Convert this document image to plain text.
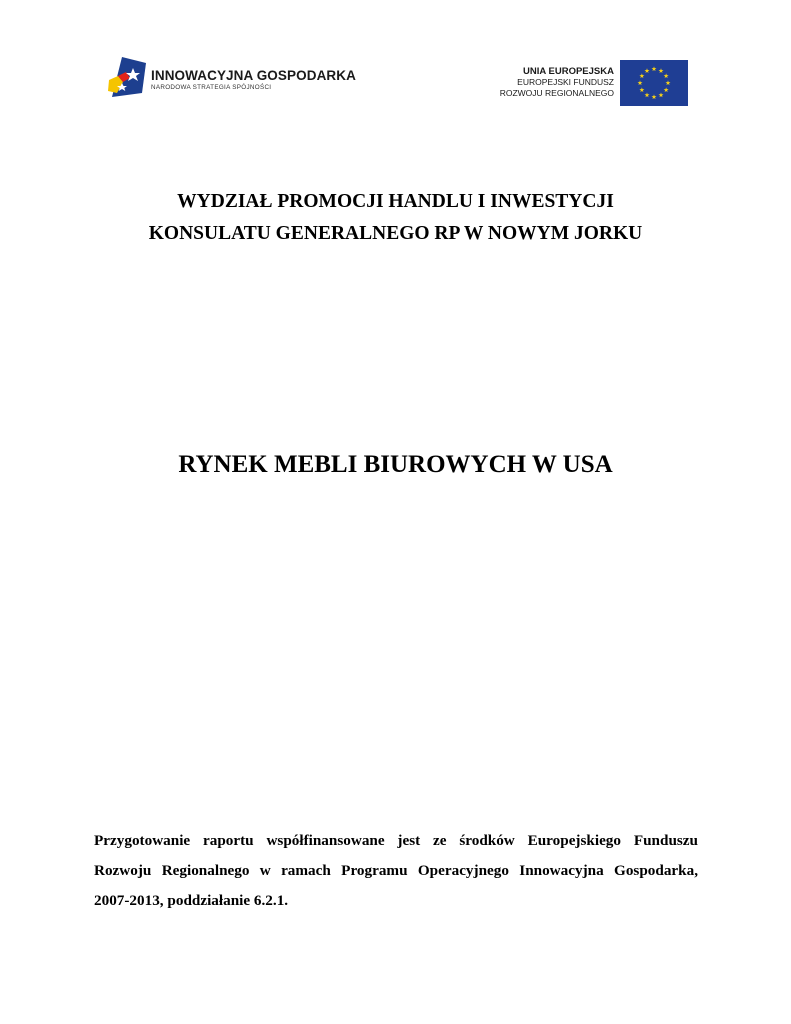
INNOWACYJNA GOSPODARKA
NARODOWA STRATEGIA SPÓJNOŚCI
UNIA EUROPEJSKA
EUROPEJSKI FUNDUSZ
ROZWOJU REGIONALNEGO
WYDZIAŁ PROMOCJI HANDLU I INWESTYCJI
KONSULATU GENERALNEGO RP W NOWYM JORKU
RYNEK MEBLI BIUROWYCH W USA
Przygotowanie raportu współfinansowane jest ze środków Europejskiego Funduszu
Rozwoju Regionalnego w ramach Programu Operacyjnego Innowacyjna Gospodarka,
2007-2013, poddziałanie 6.2.1.
